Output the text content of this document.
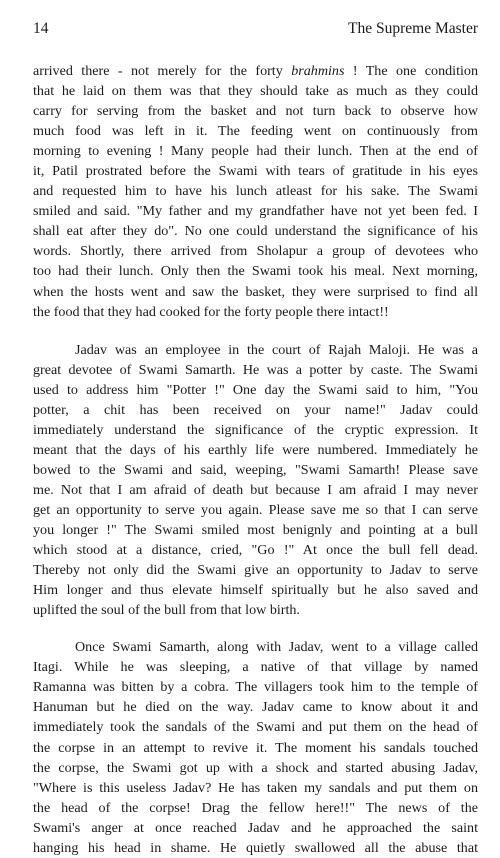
14	The Supreme Master
arrived there - not merely for the forty brahmins ! The one condition
that he laid on them was that they should take as much as they could
carry for serving from the basket and not turn back to observe how
much food was left in it. The feeding went on continuously from
morning to evening ! Many people had their lunch. Then at the end of
it, Patil prostrated before the Swami with tears of gratitude in his eyes
and requested him to have his lunch atleast for his sake. The Swami
smiled and said. "My father and my grandfather have not yet been fed. I
shall eat after they do". No one could understand the significance of his
words. Shortly, there arrived from Sholapur a group of devotees who
too had their lunch. Only then the Swami took his meal. Next morning,
when the hosts went and saw the basket, they were surprised to find all
the food that they had cooked for the forty people there intact!!
Jadav was an employee in the court of Rajah Maloji. He was a
great devotee of Swami Samarth. He was a potter by caste. The Swami
used to address him "Potter !" One day the Swami said to him, "You
potter, a chit has been received on your name!" Jadav could
immediately understand the significance of the cryptic expression. It
meant that the days of his earthly life were numbered. Immediately he
bowed to the Swami and said, weeping, "Swami Samarth! Please save
me. Not that I am afraid of death but because I am afraid I may never
get an opportunity to serve you again. Please save me so that I can serve
you longer !" The Swami smiled most benignly and pointing at a bull
which stood at a distance, cried, "Go !" At once the bull fell dead.
Thereby not only did the Swami give an opportunity to Jadav to serve
Him longer and thus elevate himself spiritually but he also saved and
uplifted the soul of the bull from that low birth.
Once Swami Samarth, along with Jadav, went to a village called
Itagi. While he was sleeping, a native of that village by named
Ramanna was bitten by a cobra. The villagers took him to the temple of
Hanuman but he died on the way. Jadav came to know about it and
immediately took the sandals of the Swami and put them on the head of
the corpse in an attempt to revive it. The moment his sandals touched
the corpse, the Swami got up with a shock and started abusing Jadav,
"Where is this useless Jadav? He has taken my sandals and put them on
the head of the corpse! Drag the fellow here!!" The news of the
Swami's anger at once reached Jadav and he approached the saint
hanging his head in shame. He quietly swallowed all the abuse that
